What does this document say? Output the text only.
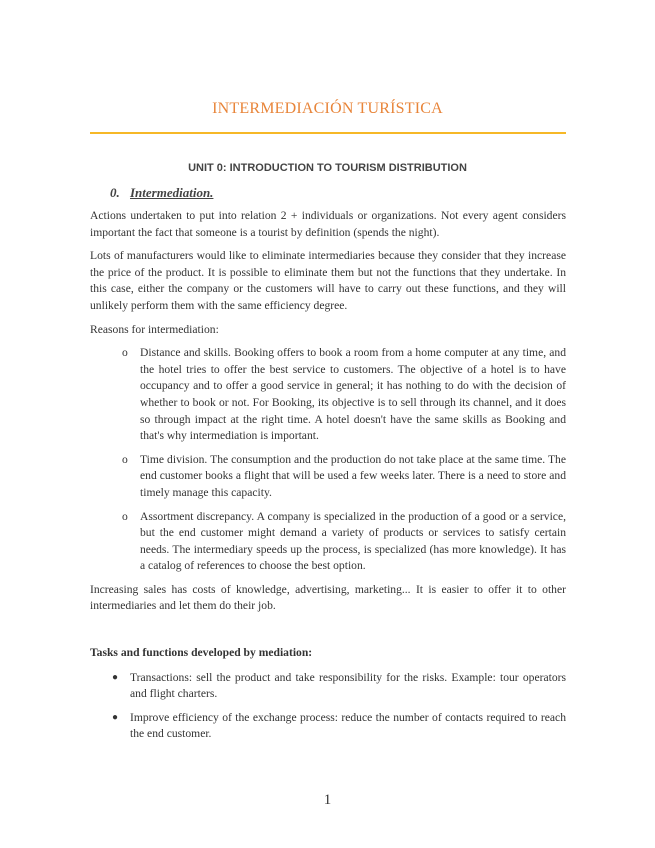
INTERMEDIACIÓN TURÍSTICA
UNIT 0: INTRODUCTION TO TOURISM DISTRIBUTION
0. Intermediation.

Actions undertaken to put into relation 2 + individuals or organizations. Not every agent considers important the fact that someone is a tourist by definition (spends the night).

Lots of manufacturers would like to eliminate intermediaries because they consider that they increase the price of the product. It is possible to eliminate them but not the functions that they undertake. In this case, either the company or the customers will have to carry out these functions, and they will unlikely perform them with the same efficiency degree.

Reasons for intermediation:

o Distance and skills. Booking offers to book a room from a home computer at any time, and the hotel tries to offer the best service to customers. The objective of a hotel is to have occupancy and to offer a good service in general; it has nothing to do with the decision of whether to book or not. For Booking, its objective is to sell through its channel, and it does so through impact at the right time. A hotel doesn't have the same skills as Booking and that's why intermediation is important.
o Time division. The consumption and the production do not take place at the same time. The end customer books a flight that will be used a few weeks later. There is a need to store and timely manage this capacity.
o Assortment discrepancy. A company is specialized in the production of a good or a service, but the end customer might demand a variety of products or services to satisfy certain needs. The intermediary speeds up the process, is specialized (has more knowledge). It has a catalog of references to choose the best option.

Increasing sales has costs of knowledge, advertising, marketing... It is easier to offer it to other intermediaries and let them do their job.

Tasks and functions developed by mediation:

● Transactions: sell the product and take responsibility for the risks. Example: tour operators and flight charters.
● Improve efficiency of the exchange process: reduce the number of contacts required to reach the end customer.
1
